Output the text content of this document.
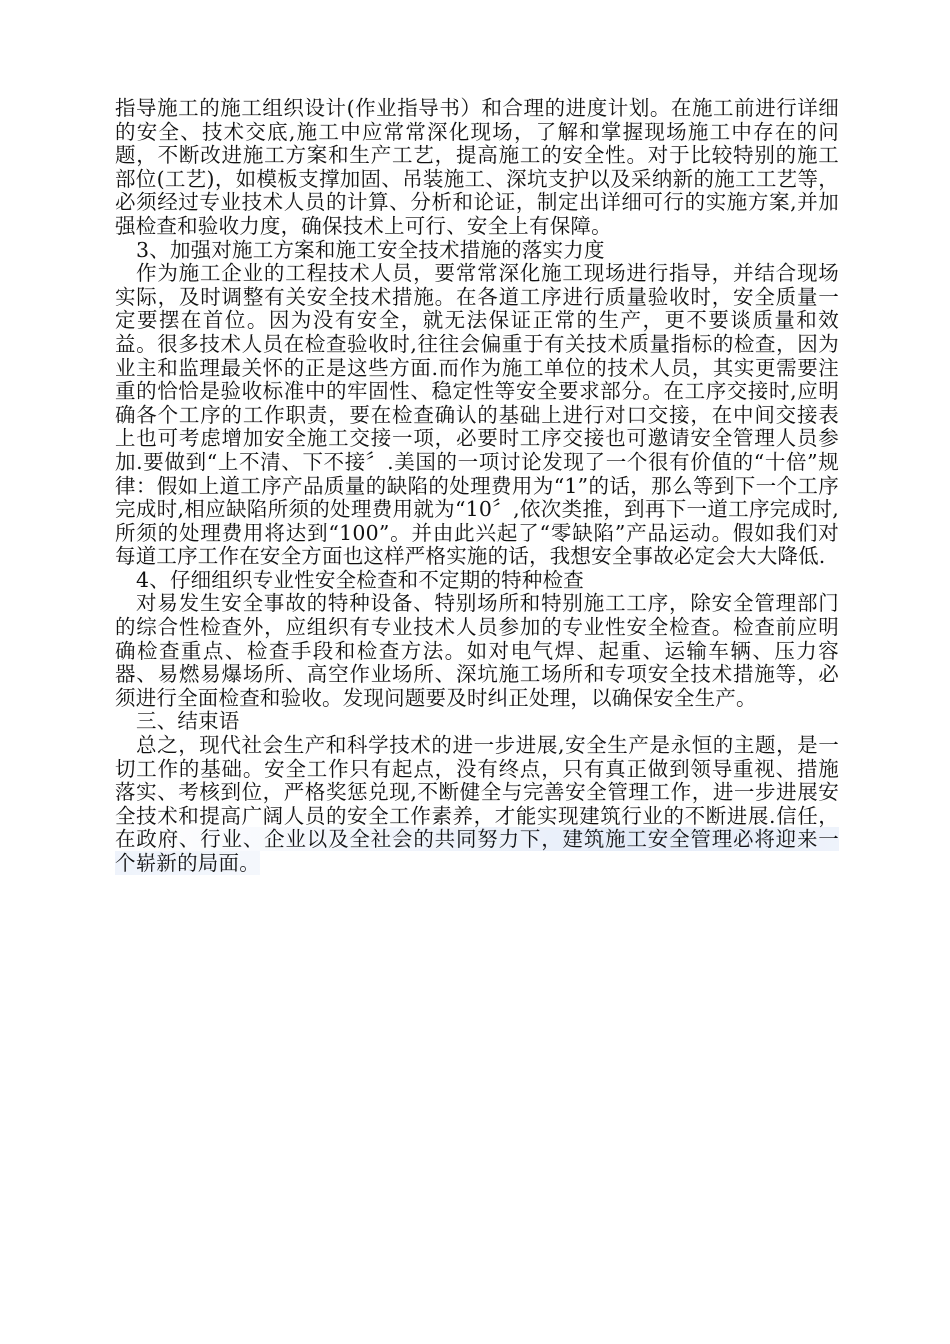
指导施工的施工组织设计(作业指导书）和合理的进度计划。在施工前进行详细的安全、技术交底,施工中应常常深化现场，了解和掌握现场施工中存在的问题，不断改进施工方案和生产工艺，提高施工的安全性。对于比较特别的施工部位(工艺)，如模板支撑加固、吊装施工、深坑支护以及采纳新的施工工艺等，必须经过专业技术人员的计算、分析和论证，制定出详细可行的实施方案,并加强检查和验收力度，确保技术上可行、安全上有保障。

3、加强对施工方案和施工安全技术措施的落实力度

作为施工企业的工程技术人员，要常常深化施工现场进行指导，并结合现场实际，及时调整有关安全技术措施。在各道工序进行质量验收时，安全质量一定要摆在首位。因为没有安全，就无法保证正常的生产，更不要谈质量和效益。很多技术人员在检查验收时,往往会偏重于有关技术质量指标的检查，因为业主和监理最关怀的正是这些方面.而作为施工单位的技术人员，其实更需要注重的恰恰是验收标准中的牢固性、稳定性等安全要求部分。在工序交接时,应明确各个工序的工作职责，要在检查确认的基础上进行对口交接，在中间交接表上也可考虑增加安全施工交接一项，必要时工序交接也可邀请安全管理人员参加.要做到“上不清、下不接〞.美国的一项讨论发现了一个很有价值的“十倍”规律：假如上道工序产品质量的缺陷的处理费用为“1”的话，那么等到下一个工序完成时,相应缺陷所须的处理费用就为“10〞,依次类推，到再下一道工序完成时,所须的处理费用将达到“100”。并由此兴起了“零缺陷”产品运动。假如我们对每道工序工作在安全方面也这样严格实施的话，我想安全事故必定会大大降低.

4、仔细组织专业性安全检查和不定期的特种检查

对易发生安全事故的特种设备、特别场所和特别施工工序，除安全管理部门的综合性检查外，应组织有专业技术人员参加的专业性安全检查。检查前应明确检查重点、检查手段和检查方法。如对电气焊、起重、运输车辆、压力容器、易燃易爆场所、高空作业场所、深坑施工场所和专项安全技术措施等，必须进行全面检查和验收。发现问题要及时纠正处理，以确保安全生产。

三、结束语

总之，现代社会生产和科学技术的进一步进展,安全生产是永恒的主题，是一切工作的基础。安全工作只有起点，没有终点，只有真正做到领导重视、措施落实、考核到位，严格奖惩兑现,不断健全与完善安全管理工作，进一步进展安全技术和提高广阔人员的安全工作素养，才能实现建筑行业的不断进展.信任，在政府、行业、企业以及全社会的共同努力下，建筑施工安全管理必将迎来一个崭新的局面。
